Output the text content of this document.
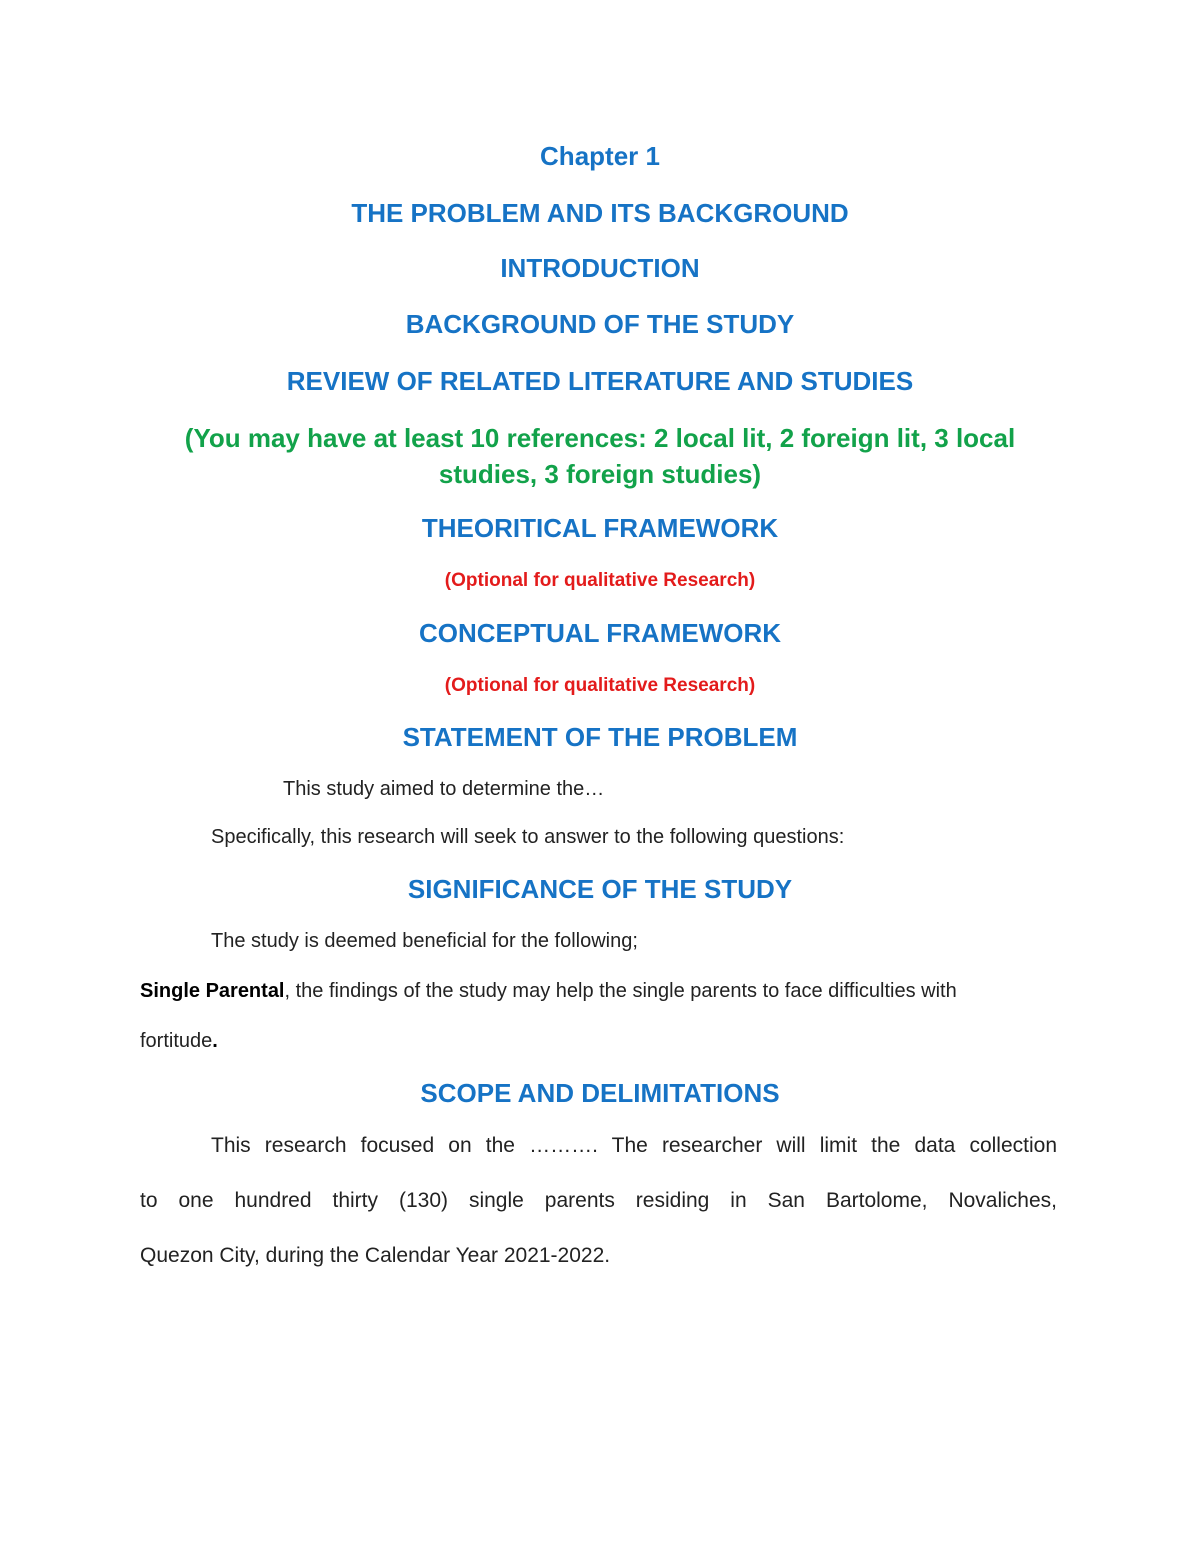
Chapter 1

THE PROBLEM AND ITS BACKGROUND

INTRODUCTION

BACKGROUND OF THE STUDY

REVIEW OF RELATED LITERATURE AND STUDIES

(You may have at least 10 references: 2 local lit, 2 foreign lit, 3 local

studies, 3 foreign studies)

THEORITICAL FRAMEWORK

(Optional for qualitative Research)

CONCEPTUAL FRAMEWORK

(Optional for qualitative Research)

STATEMENT OF THE PROBLEM

This study aimed to determine the…

Specifically, this research will seek to answer to the following questions:

SIGNIFICANCE OF THE STUDY

The study is deemed beneficial for the following;

Single Parental, the findings of the study may help the single parents to face difficulties with

fortitude.

SCOPE AND DELIMITATIONS

This research focused on the ………. The researcher will limit the data collection

to one hundred thirty (130) single parents residing in San Bartolome, Novaliches,

Quezon City, during the Calendar Year 2021-2022.
